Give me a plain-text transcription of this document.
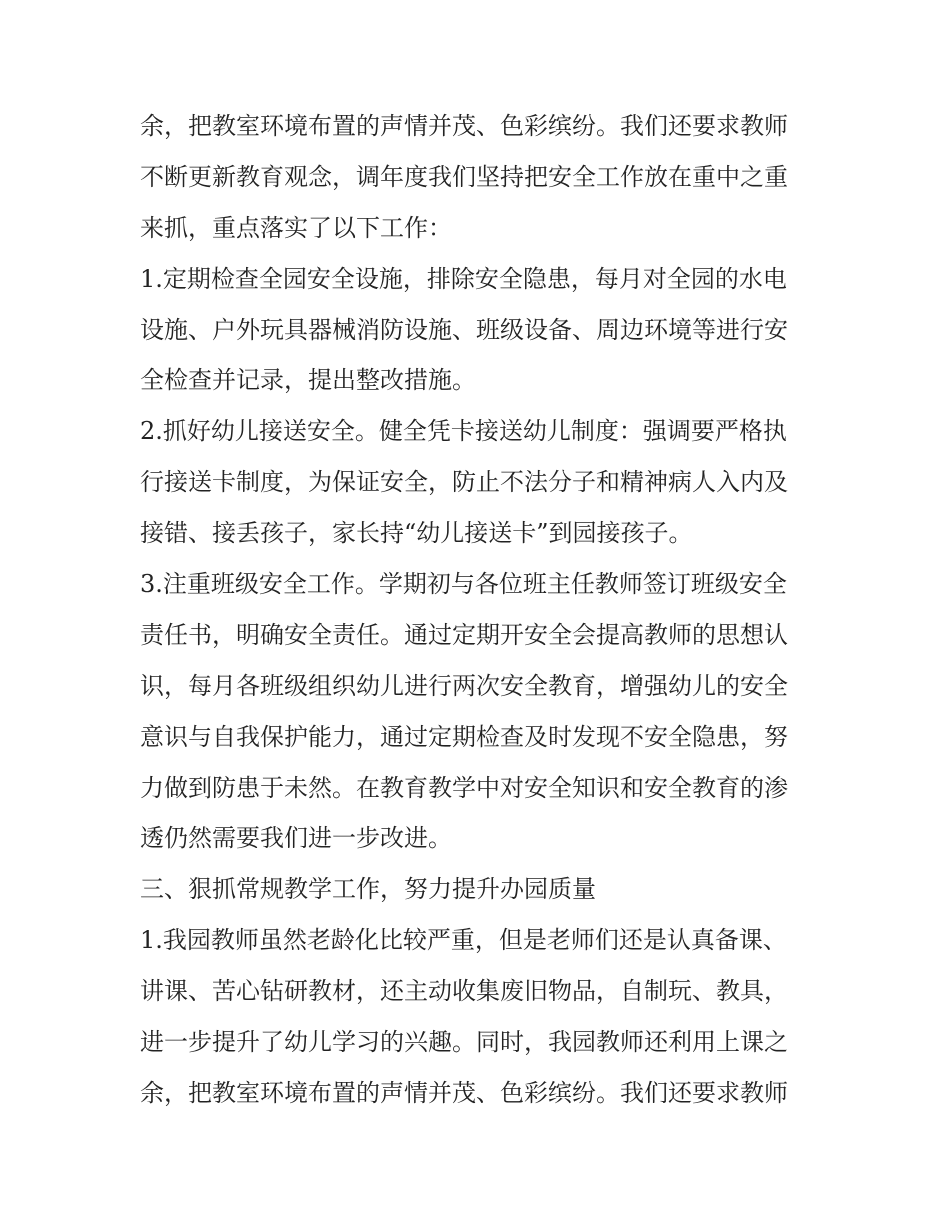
余，把教室环境布置的声情并茂、色彩缤纷。我们还要求教师
不断更新教育观念，调年度我们坚持把安全工作放在重中之重
来抓，重点落实了以下工作：
1.定期检查全园安全设施，排除安全隐患，每月对全园的水电
设施、户外玩具器械消防设施、班级设备、周边环境等进行安
全检查并记录，提出整改措施。
2.抓好幼儿接送安全。健全凭卡接送幼儿制度：强调要严格执
行接送卡制度，为保证安全，防止不法分子和精神病人入内及
接错、接丢孩子，家长持“幼儿接送卡”到园接孩子。
3.注重班级安全工作。学期初与各位班主任教师签订班级安全
责任书，明确安全责任。通过定期开安全会提高教师的思想认
识，每月各班级组织幼儿进行两次安全教育，增强幼儿的安全
意识与自我保护能力，通过定期检查及时发现不安全隐患，努
力做到防患于未然。在教育教学中对安全知识和安全教育的渗
透仍然需要我们进一步改进。
三、狠抓常规教学工作，努力提升办园质量
1.我园教师虽然老龄化比较严重，但是老师们还是认真备课、
讲课、苦心钻研教材，还主动收集废旧物品，自制玩、教具，
进一步提升了幼儿学习的兴趣。同时，我园教师还利用上课之
余，把教室环境布置的声情并茂、色彩缤纷。我们还要求教师
